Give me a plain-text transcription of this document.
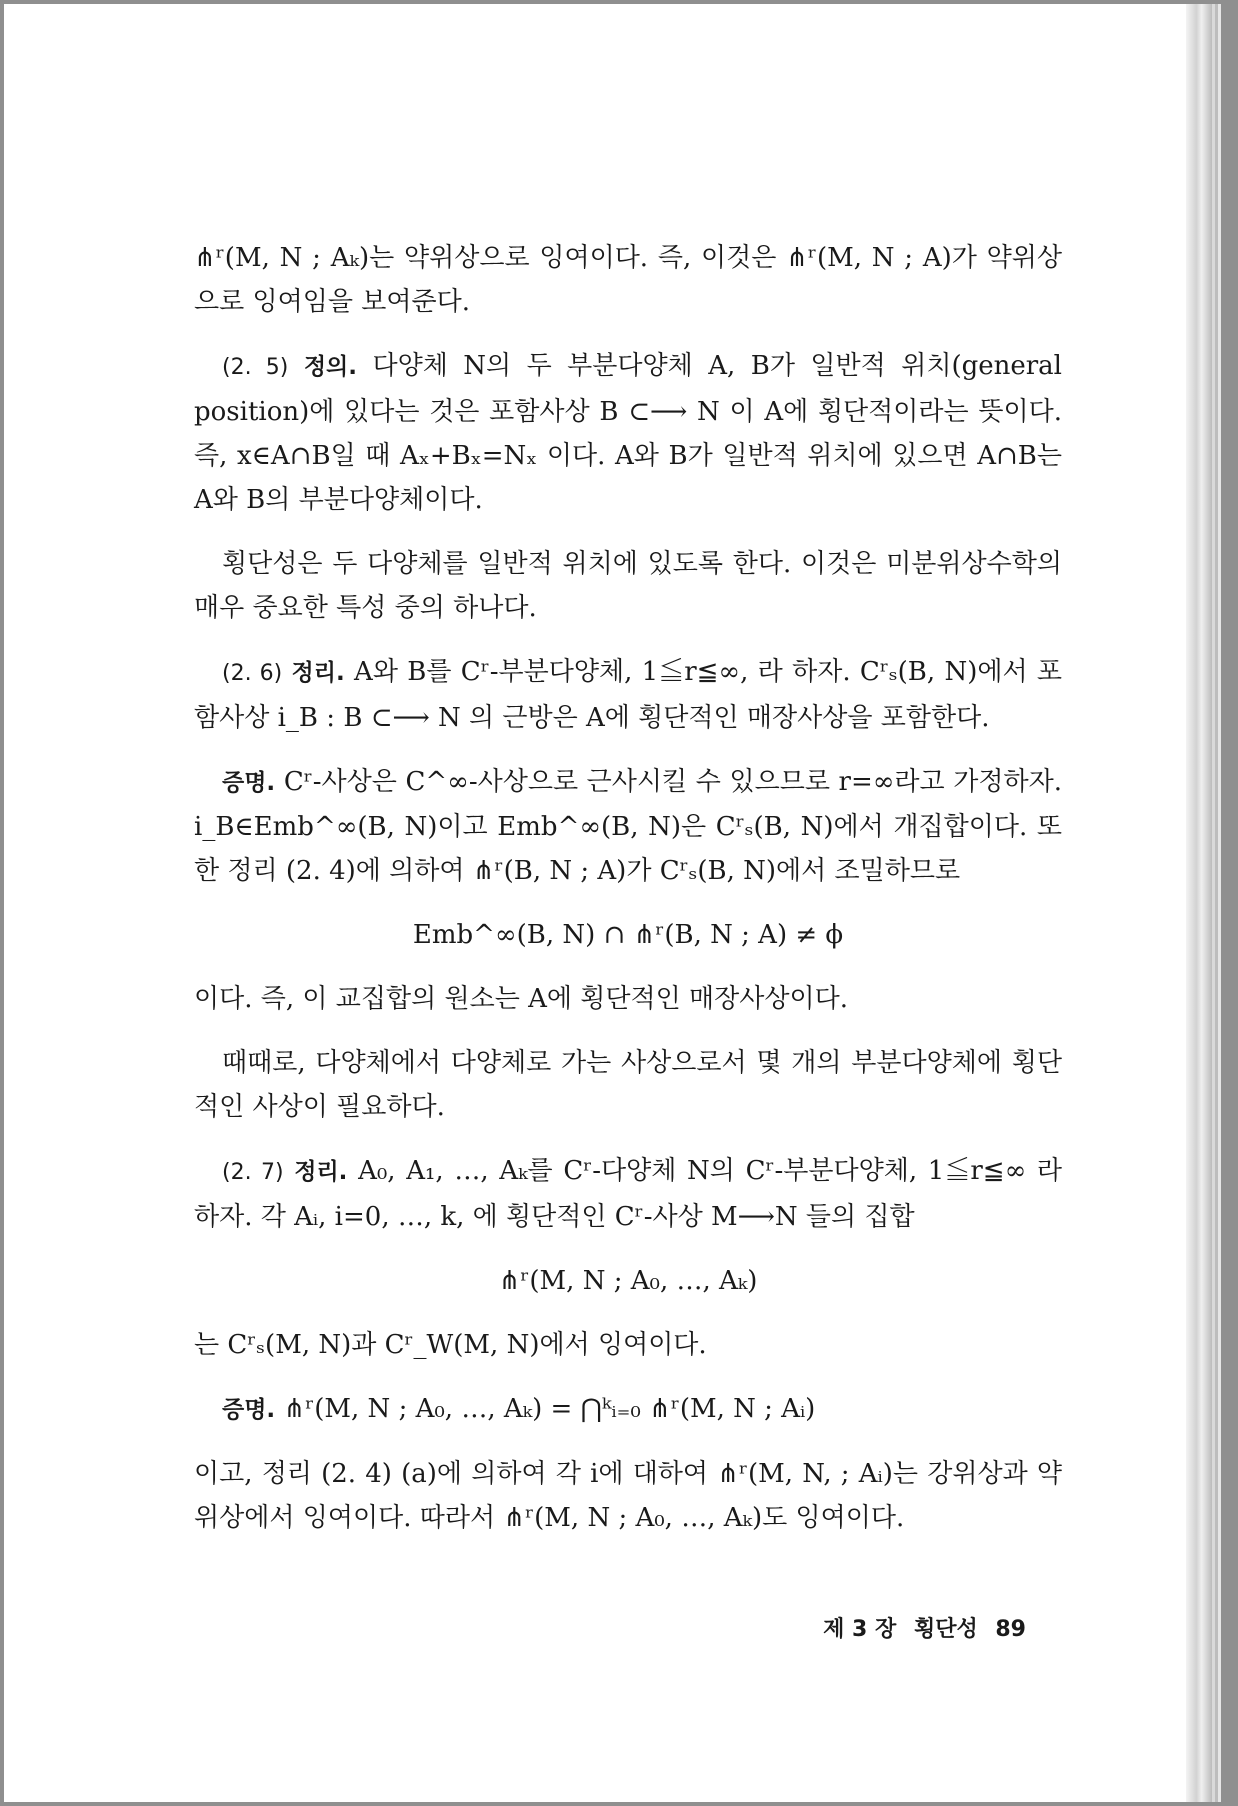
⋔ʳ(M, N ; Aₖ)는 약위상으로 잉여이다. 즉, 이것은 ⋔ʳ(M, N ; A)가 약위상으로 잉여임을 보여준다.

(2. 5) 정의. 다양체 N의 두 부분다양체 A, B가 일반적 위치(general position)에 있다는 것은 포함사상 B ⊂⟶ N 이 A에 횡단적이라는 뜻이다. 즉, x∈A∩B일 때 Aₓ+Bₓ=Nₓ 이다. A와 B가 일반적 위치에 있으면 A∩B는 A와 B의 부분다양체이다.

횡단성은 두 다양체를 일반적 위치에 있도록 한다. 이것은 미분위상수학의 매우 중요한 특성 중의 하나다.

(2. 6) 정리. A와 B를 Cʳ-부분다양체, 1≦r≦∞, 라 하자. Cʳₛ(B, N)에서 포함사상 i_B : B ⊂⟶ N 의 근방은 A에 횡단적인 매장사상을 포함한다.

증명. Cʳ-사상은 C^∞-사상으로 근사시킬 수 있으므로 r=∞라고 가정하자. i_B∈Emb^∞(B, N)이고 Emb^∞(B, N)은 Cʳₛ(B, N)에서 개집합이다. 또한 정리 (2. 4)에 의하여 ⋔ʳ(B, N ; A)가 Cʳₛ(B, N)에서 조밀하므로

Emb^∞(B, N) ∩ ⋔ʳ(B, N ; A) ≠ ϕ

이다. 즉, 이 교집합의 원소는 A에 횡단적인 매장사상이다.

때때로, 다양체에서 다양체로 가는 사상으로서 몇 개의 부분다양체에 횡단적인 사상이 필요하다.

(2. 7) 정리. A₀, A₁, …, Aₖ를 Cʳ-다양체 N의 Cʳ-부분다양체, 1≦r≦∞ 라 하자. 각 Aᵢ, i=0, …, k, 에 횡단적인 Cʳ-사상 M⟶N 들의 집합

⋔ʳ(M, N ; A₀, …, Aₖ)

는 Cʳₛ(M, N)과 Cʳ_W(M, N)에서 잉여이다.

증명. ⋔ʳ(M, N ; A₀, …, Aₖ) = ⋂ᵏᵢ₌₀ ⋔ʳ(M, N ; Aᵢ)

이고, 정리 (2. 4) (a)에 의하여 각 i에 대하여 ⋔ʳ(M, N, ; Aᵢ)는 강위상과 약위상에서 잉여이다. 따라서 ⋔ʳ(M, N ; A₀, …, Aₖ)도 잉여이다.

제 3 장 횡단성 89
